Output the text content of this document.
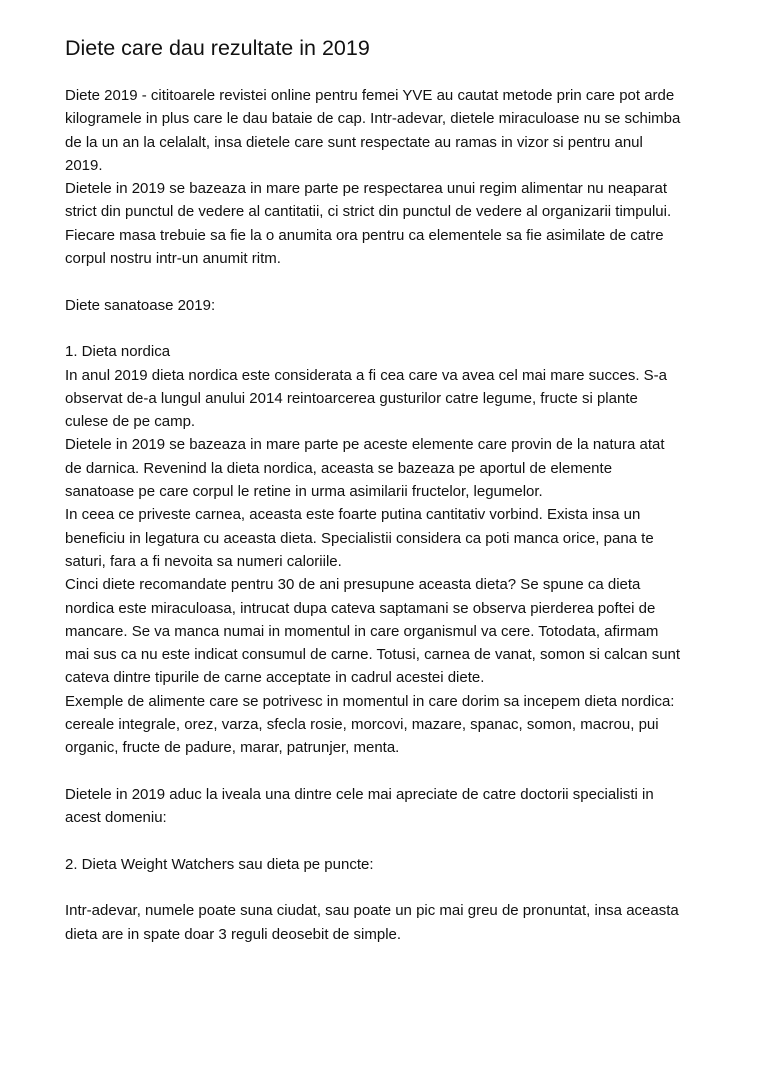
Diete care dau rezultate in 2019
Diete 2019 - cititoarele revistei online pentru femei YVE au cautat metode prin care pot arde
kilogramele in plus care le dau bataie de cap. Intr-adevar, dietele miraculoase nu se schimba
de la un an la celalalt, insa dietele care sunt respectate au ramas in vizor si pentru anul
2019.
Dietele in 2019 se bazeaza in mare parte pe respectarea unui regim alimentar nu neaparat
strict din punctul de vedere al cantitatii, ci strict din punctul de vedere al organizarii timpului.
Fiecare masa trebuie sa fie la o anumita ora pentru ca elementele sa fie asimilate de catre
corpul nostru intr-un anumit ritm.
Diete sanatoase 2019:
1. Dieta nordica
In anul 2019 dieta nordica este considerata a fi cea care va avea cel mai mare succes. S-a
observat de-a lungul anului 2014 reintoarcerea gusturilor catre legume, fructe si plante
culese de pe camp.
Dietele in 2019 se bazeaza in mare parte pe aceste elemente care provin de la natura atat
de darnica. Revenind la dieta nordica, aceasta se bazeaza pe aportul de elemente
sanatoase pe care corpul le retine in urma asimilarii fructelor, legumelor.
In ceea ce priveste carnea, aceasta este foarte putina cantitativ vorbind. Exista insa un
beneficiu in legatura cu aceasta dieta. Specialistii considera ca poti manca orice, pana te
saturi, fara a fi nevoita sa numeri caloriile.
Cinci diete recomandate pentru 30 de ani presupune aceasta dieta? Se spune ca dieta
nordica este miraculoasa, intrucat dupa cateva saptamani se observa pierderea poftei de
mancare. Se va manca numai in momentul in care organismul va cere. Totodata, afirmam
mai sus ca nu este indicat consumul de carne. Totusi, carnea de vanat, somon si calcan sunt
cateva dintre tipurile de carne acceptate in cadrul acestei diete.
Exemple de alimente care se potrivesc in momentul in care dorim sa incepem dieta nordica:
cereale integrale, orez, varza, sfecla rosie, morcovi, mazare, spanac, somon, macrou, pui
organic, fructe de padure, marar, patrunjer, menta.
Dietele in 2019 aduc la iveala una dintre cele mai apreciate de catre doctorii specialisti in
acest domeniu:
2. Dieta Weight Watchers sau dieta pe puncte:
Intr-adevar, numele poate suna ciudat, sau poate un pic mai greu de pronuntat, insa aceasta
dieta are in spate doar 3 reguli deosebit de simple.
